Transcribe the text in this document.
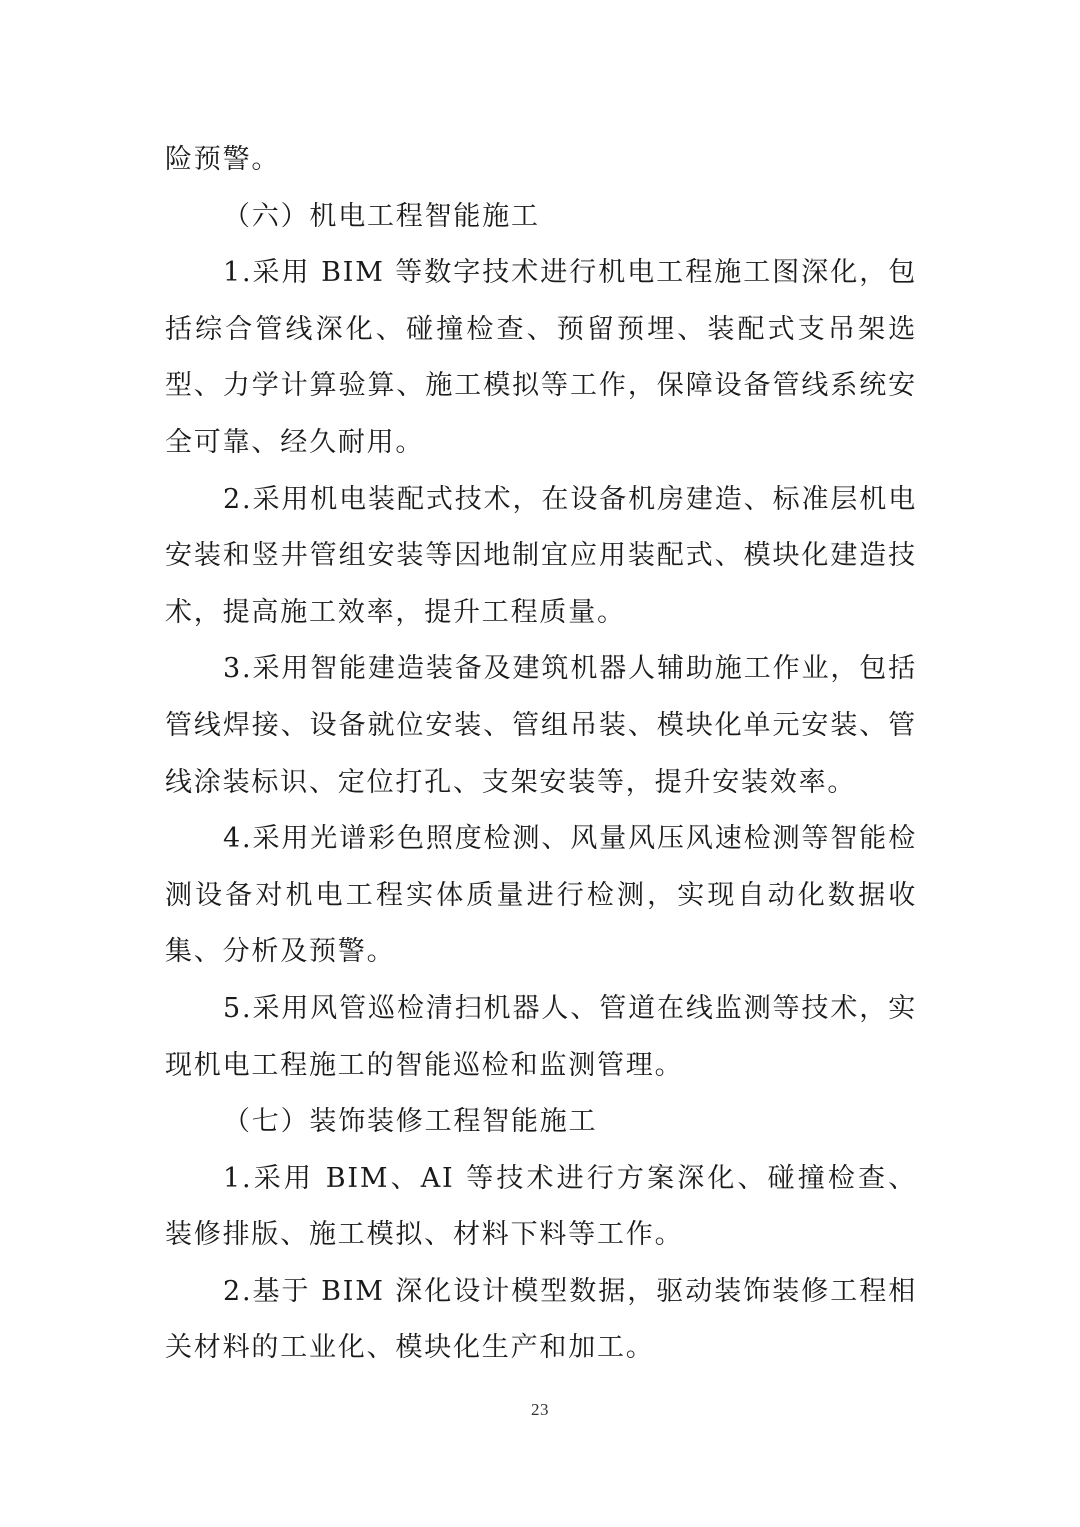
险预警。

（六）机电工程智能施工

1.采用 BIM 等数字技术进行机电工程施工图深化，包括综合管线深化、碰撞检查、预留预埋、装配式支吊架选型、力学计算验算、施工模拟等工作，保障设备管线系统安全可靠、经久耐用。

2.采用机电装配式技术，在设备机房建造、标准层机电安装和竖井管组安装等因地制宜应用装配式、模块化建造技术，提高施工效率，提升工程质量。

3.采用智能建造装备及建筑机器人辅助施工作业，包括管线焊接、设备就位安装、管组吊装、模块化单元安装、管线涂装标识、定位打孔、支架安装等，提升安装效率。

4.采用光谱彩色照度检测、风量风压风速检测等智能检测设备对机电工程实体质量进行检测，实现自动化数据收集、分析及预警。

5.采用风管巡检清扫机器人、管道在线监测等技术，实现机电工程施工的智能巡检和监测管理。

（七）装饰装修工程智能施工

1.采用 BIM、AI 等技术进行方案深化、碰撞检查、装修排版、施工模拟、材料下料等工作。

2.基于 BIM 深化设计模型数据，驱动装饰装修工程相关材料的工业化、模块化生产和加工。

23
